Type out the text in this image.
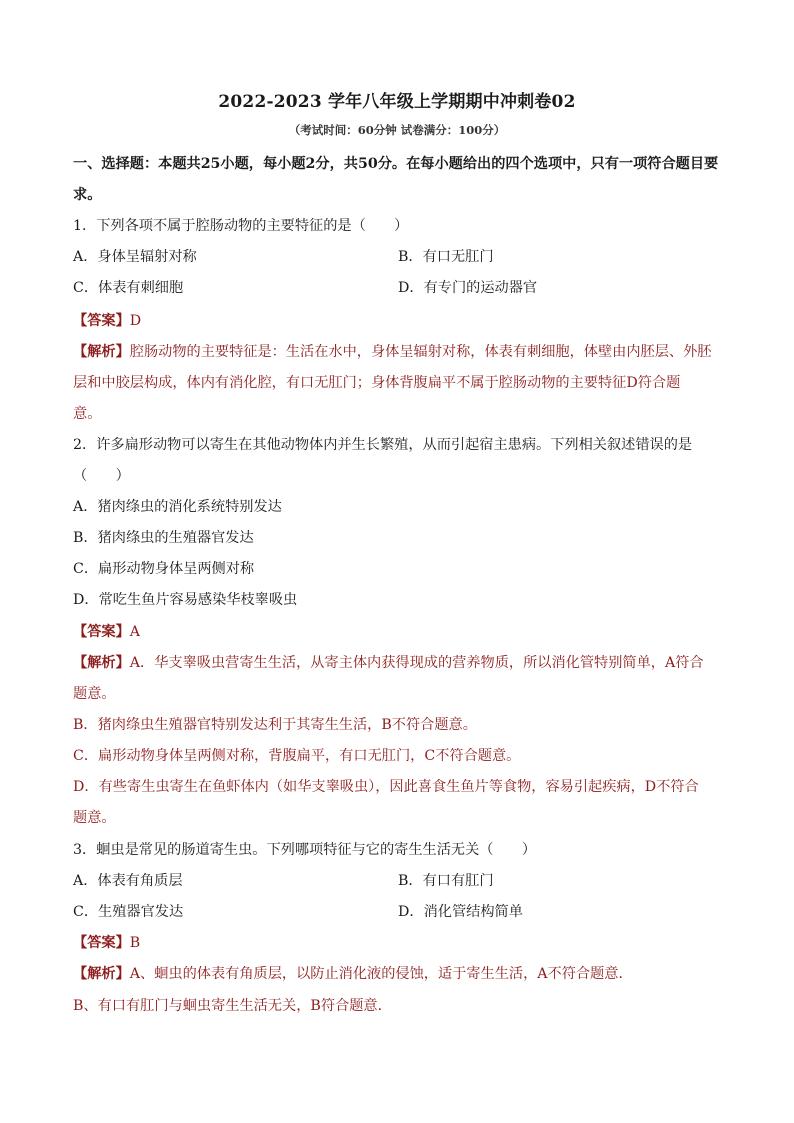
2022-2023 学年八年级上学期期中冲刺卷02
（考试时间：60分钟 试卷满分：100分）
一、选择题：本题共25小题，每小题2分，共50分。在每小题给出的四个选项中，只有一项符合题目要
求。
1．下列各项不属于腔肠动物的主要特征的是（　　）
A．身体呈辐射对称	B．有口无肛门
C．体表有刺细胞	D．有专门的运动器官
【答案】D
【解析】腔肠动物的主要特征是：生活在水中，身体呈辐射对称，体表有刺细胞，体壁由内胚层、外胚
层和中胶层构成，体内有消化腔，有口无肛门；身体背腹扁平不属于腔肠动物的主要特征D符合题
意。
2．许多扁形动物可以寄生在其他动物体内并生长繁殖，从而引起宿主患病。下列相关叙述错误的是
（　　）
A．猪肉绦虫的消化系统特别发达
B．猪肉绦虫的生殖器官发达
C．扁形动物身体呈两侧对称
D．常吃生鱼片容易感染华枝睾吸虫
【答案】A
【解析】A．华支睾吸虫营寄生生活，从寄主体内获得现成的营养物质，所以消化管特别简单，A符合
题意。
B．猪肉绦虫生殖器官特别发达利于其寄生生活，B不符合题意。
C．扁形动物身体呈两侧对称，背腹扁平，有口无肛门，C不符合题意。
D．有些寄生虫寄生在鱼虾体内（如华支睾吸虫），因此喜食生鱼片等食物，容易引起疾病，D不符合
题意。
3．蛔虫是常见的肠道寄生虫。下列哪项特征与它的寄生生活无关（　　）
A．体表有角质层	B．有口有肛门
C．生殖器官发达	D．消化管结构简单
【答案】B
【解析】A、蛔虫的体表有角质层，以防止消化液的侵蚀，适于寄生生活，A不符合题意．
B、有口有肛门与蛔虫寄生生活无关，B符合题意．
